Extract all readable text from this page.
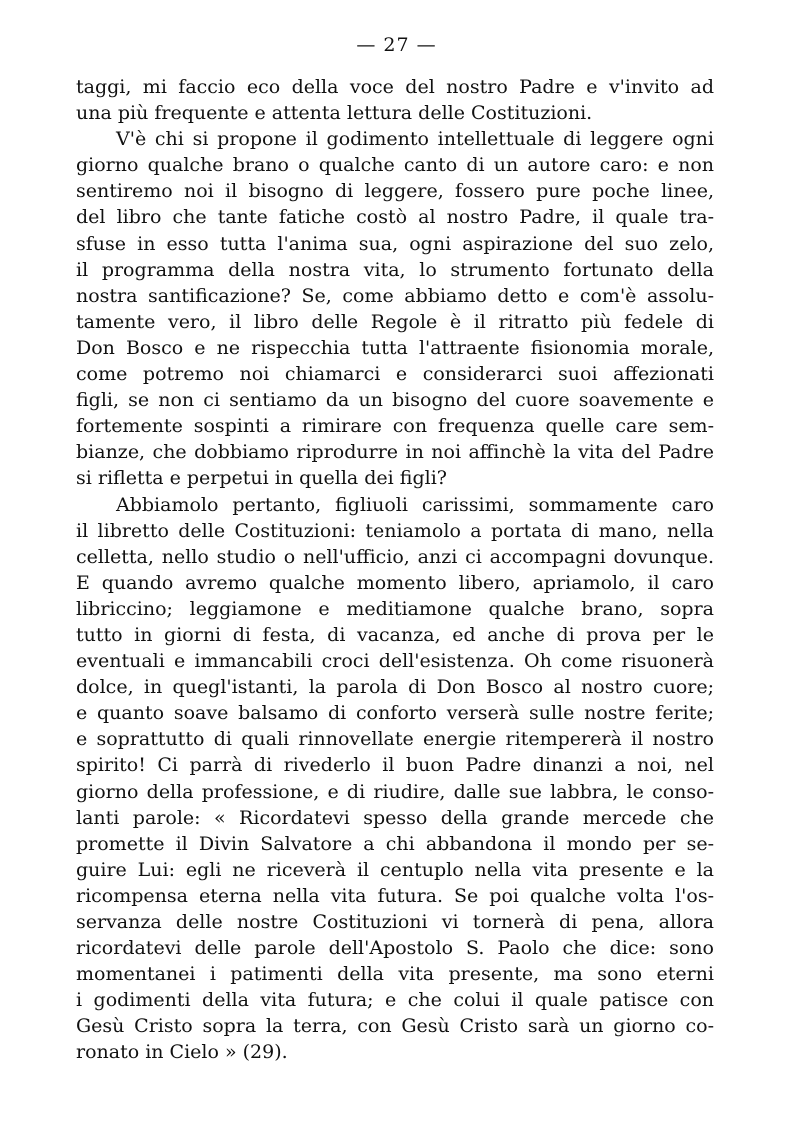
— 27 —
taggi, mi faccio eco della voce del nostro Padre e v'invito ad
una più frequente e attenta lettura delle Costituzioni.
V'è chi si propone il godimento intellettuale di leggere ogni
giorno qualche brano o qualche canto di un autore caro: e non
sentiremo noi il bisogno di leggere, fossero pure poche linee,
del libro che tante fatiche costò al nostro Padre, il quale tra-
sfuse in esso tutta l'anima sua, ogni aspirazione del suo zelo,
il programma della nostra vita, lo strumento fortunato della
nostra santificazione? Se, come abbiamo detto e com'è assolu-
tamente vero, il libro delle Regole è il ritratto più fedele di
Don Bosco e ne rispecchia tutta l'attraente fisionomia morale,
come potremo noi chiamarci e considerarci suoi affezionati
figli, se non ci sentiamo da un bisogno del cuore soavemente e
fortemente sospinti a rimirare con frequenza quelle care sem-
bianze, che dobbiamo riprodurre in noi affinchè la vita del Padre
si rifletta e perpetui in quella dei figli?
Abbiamolo pertanto, figliuoli carissimi, sommamente caro
il libretto delle Costituzioni: teniamolo a portata di mano, nella
celletta, nello studio o nell'ufficio, anzi ci accompagni dovunque.
E quando avremo qualche momento libero, apriamolo, il caro
libriccino; leggiamone e meditiamone qualche brano, sopra
tutto in giorni di festa, di vacanza, ed anche di prova per le
eventuali e immancabili croci dell'esistenza. Oh come risuonerà
dolce, in quegl'istanti, la parola di Don Bosco al nostro cuore;
e quanto soave balsamo di conforto verserà sulle nostre ferite;
e soprattutto di quali rinnovellate energie ritempererà il nostro
spirito! Ci parrà di rivederlo il buon Padre dinanzi a noi, nel
giorno della professione, e di riudire, dalle sue labbra, le conso-
lanti parole: « Ricordatevi spesso della grande mercede che
promette il Divin Salvatore a chi abbandona il mondo per se-
guire Lui: egli ne riceverà il centuplo nella vita presente e la
ricompensa eterna nella vita futura. Se poi qualche volta l'os-
servanza delle nostre Costituzioni vi tornerà di pena, allora
ricordatevi delle parole dell'Apostolo S. Paolo che dice: sono
momentanei i patimenti della vita presente, ma sono eterni
i godimenti della vita futura; e che colui il quale patisce con
Gesù Cristo sopra la terra, con Gesù Cristo sarà un giorno co-
ronato in Cielo » (29).
